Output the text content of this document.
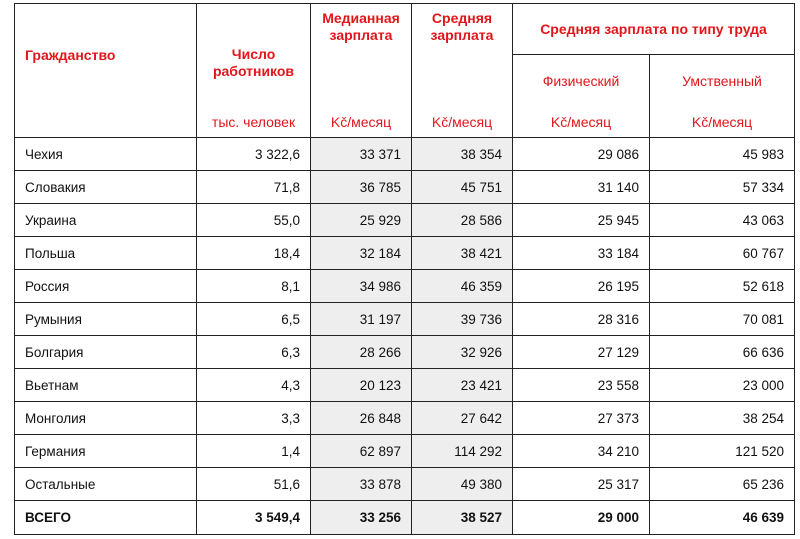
Гражданство	Число работников	Медианная зарплата	Средняя зарплата	Средняя зарплата по типу труда	
				Физический	Умственный
	тыс. человек	Kč/месяц	Kč/месяц	Kč/месяц	Kč/месяц
Чехия	3 322,6	33 371	38 354	29 086	45 983
Словакия	71,8	36 785	45 751	31 140	57 334
Украина	55,0	25 929	28 586	25 945	43 063
Польша	18,4	32 184	38 421	33 184	60 767
Россия	8,1	34 986	46 359	26 195	52 618
Румыния	6,5	31 197	39 736	28 316	70 081
Болгария	6,3	28 266	32 926	27 129	66 636
Вьетнам	4,3	20 123	23 421	23 558	23 000
Монголия	3,3	26 848	27 642	27 373	38 254
Германия	1,4	62 897	114 292	34 210	121 520
Остальные	51,6	33 878	49 380	25 317	65 236
ВСЕГО	3 549,4	33 256	38 527	29 000	46 639
